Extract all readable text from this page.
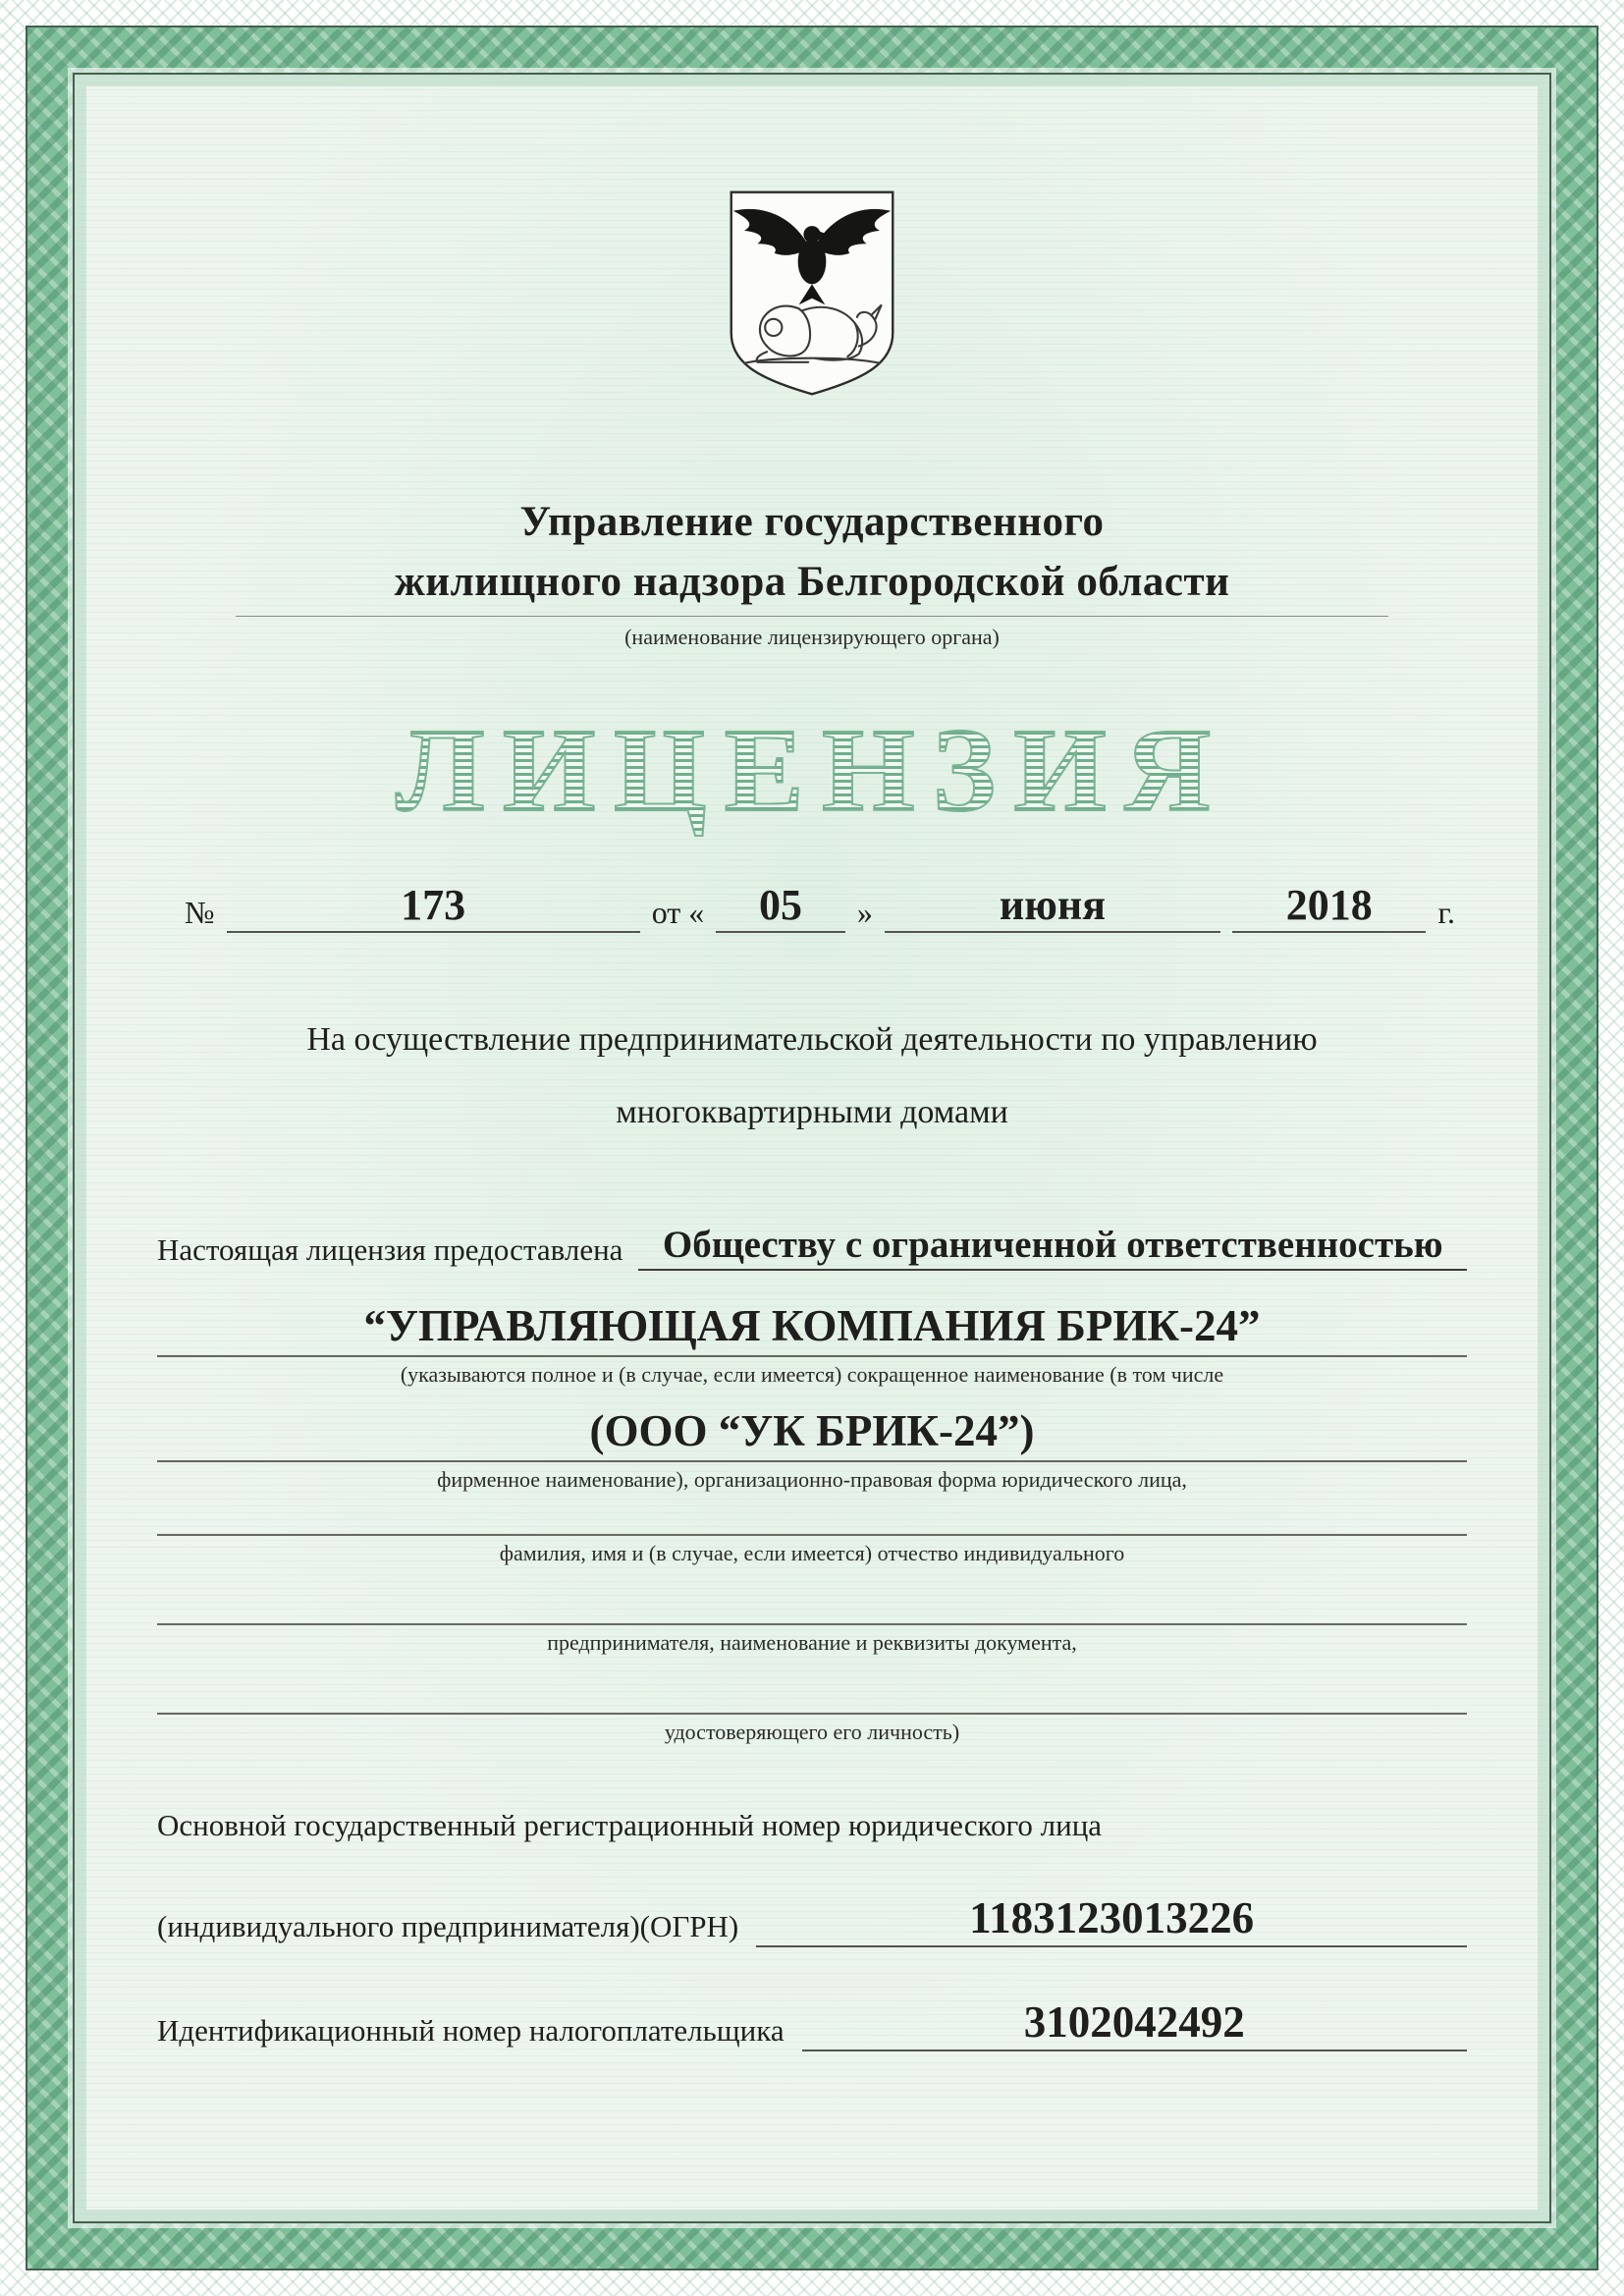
Управление государственного
жилищного надзора Белгородской области
(наименование лицензирующего органа)
ЛИЦЕНЗИЯ
№	173	от «	05	»	июня	2018	г.
На осуществление предпринимательской деятельности по управлению
многоквартирными домами
Настоящая лицензия предоставлена	Обществу с ограниченной ответственностью
“УПРАВЛЯЮЩАЯ КОМПАНИЯ БРИК-24”
(указываются полное и (в случае, если имеется) сокращенное наименование (в том числе
(ООО “УК БРИК-24”)
фирменное наименование), организационно-правовая форма юридического лица,
фамилия, имя и (в случае, если имеется) отчество индивидуального
предпринимателя, наименование и реквизиты документа,
удостоверяющего его личность)
Основной государственный регистрационный номер юридического лица
(индивидуального предпринимателя)(ОГРН)	1183123013226
Идентификационный номер налогоплательщика	3102042492
